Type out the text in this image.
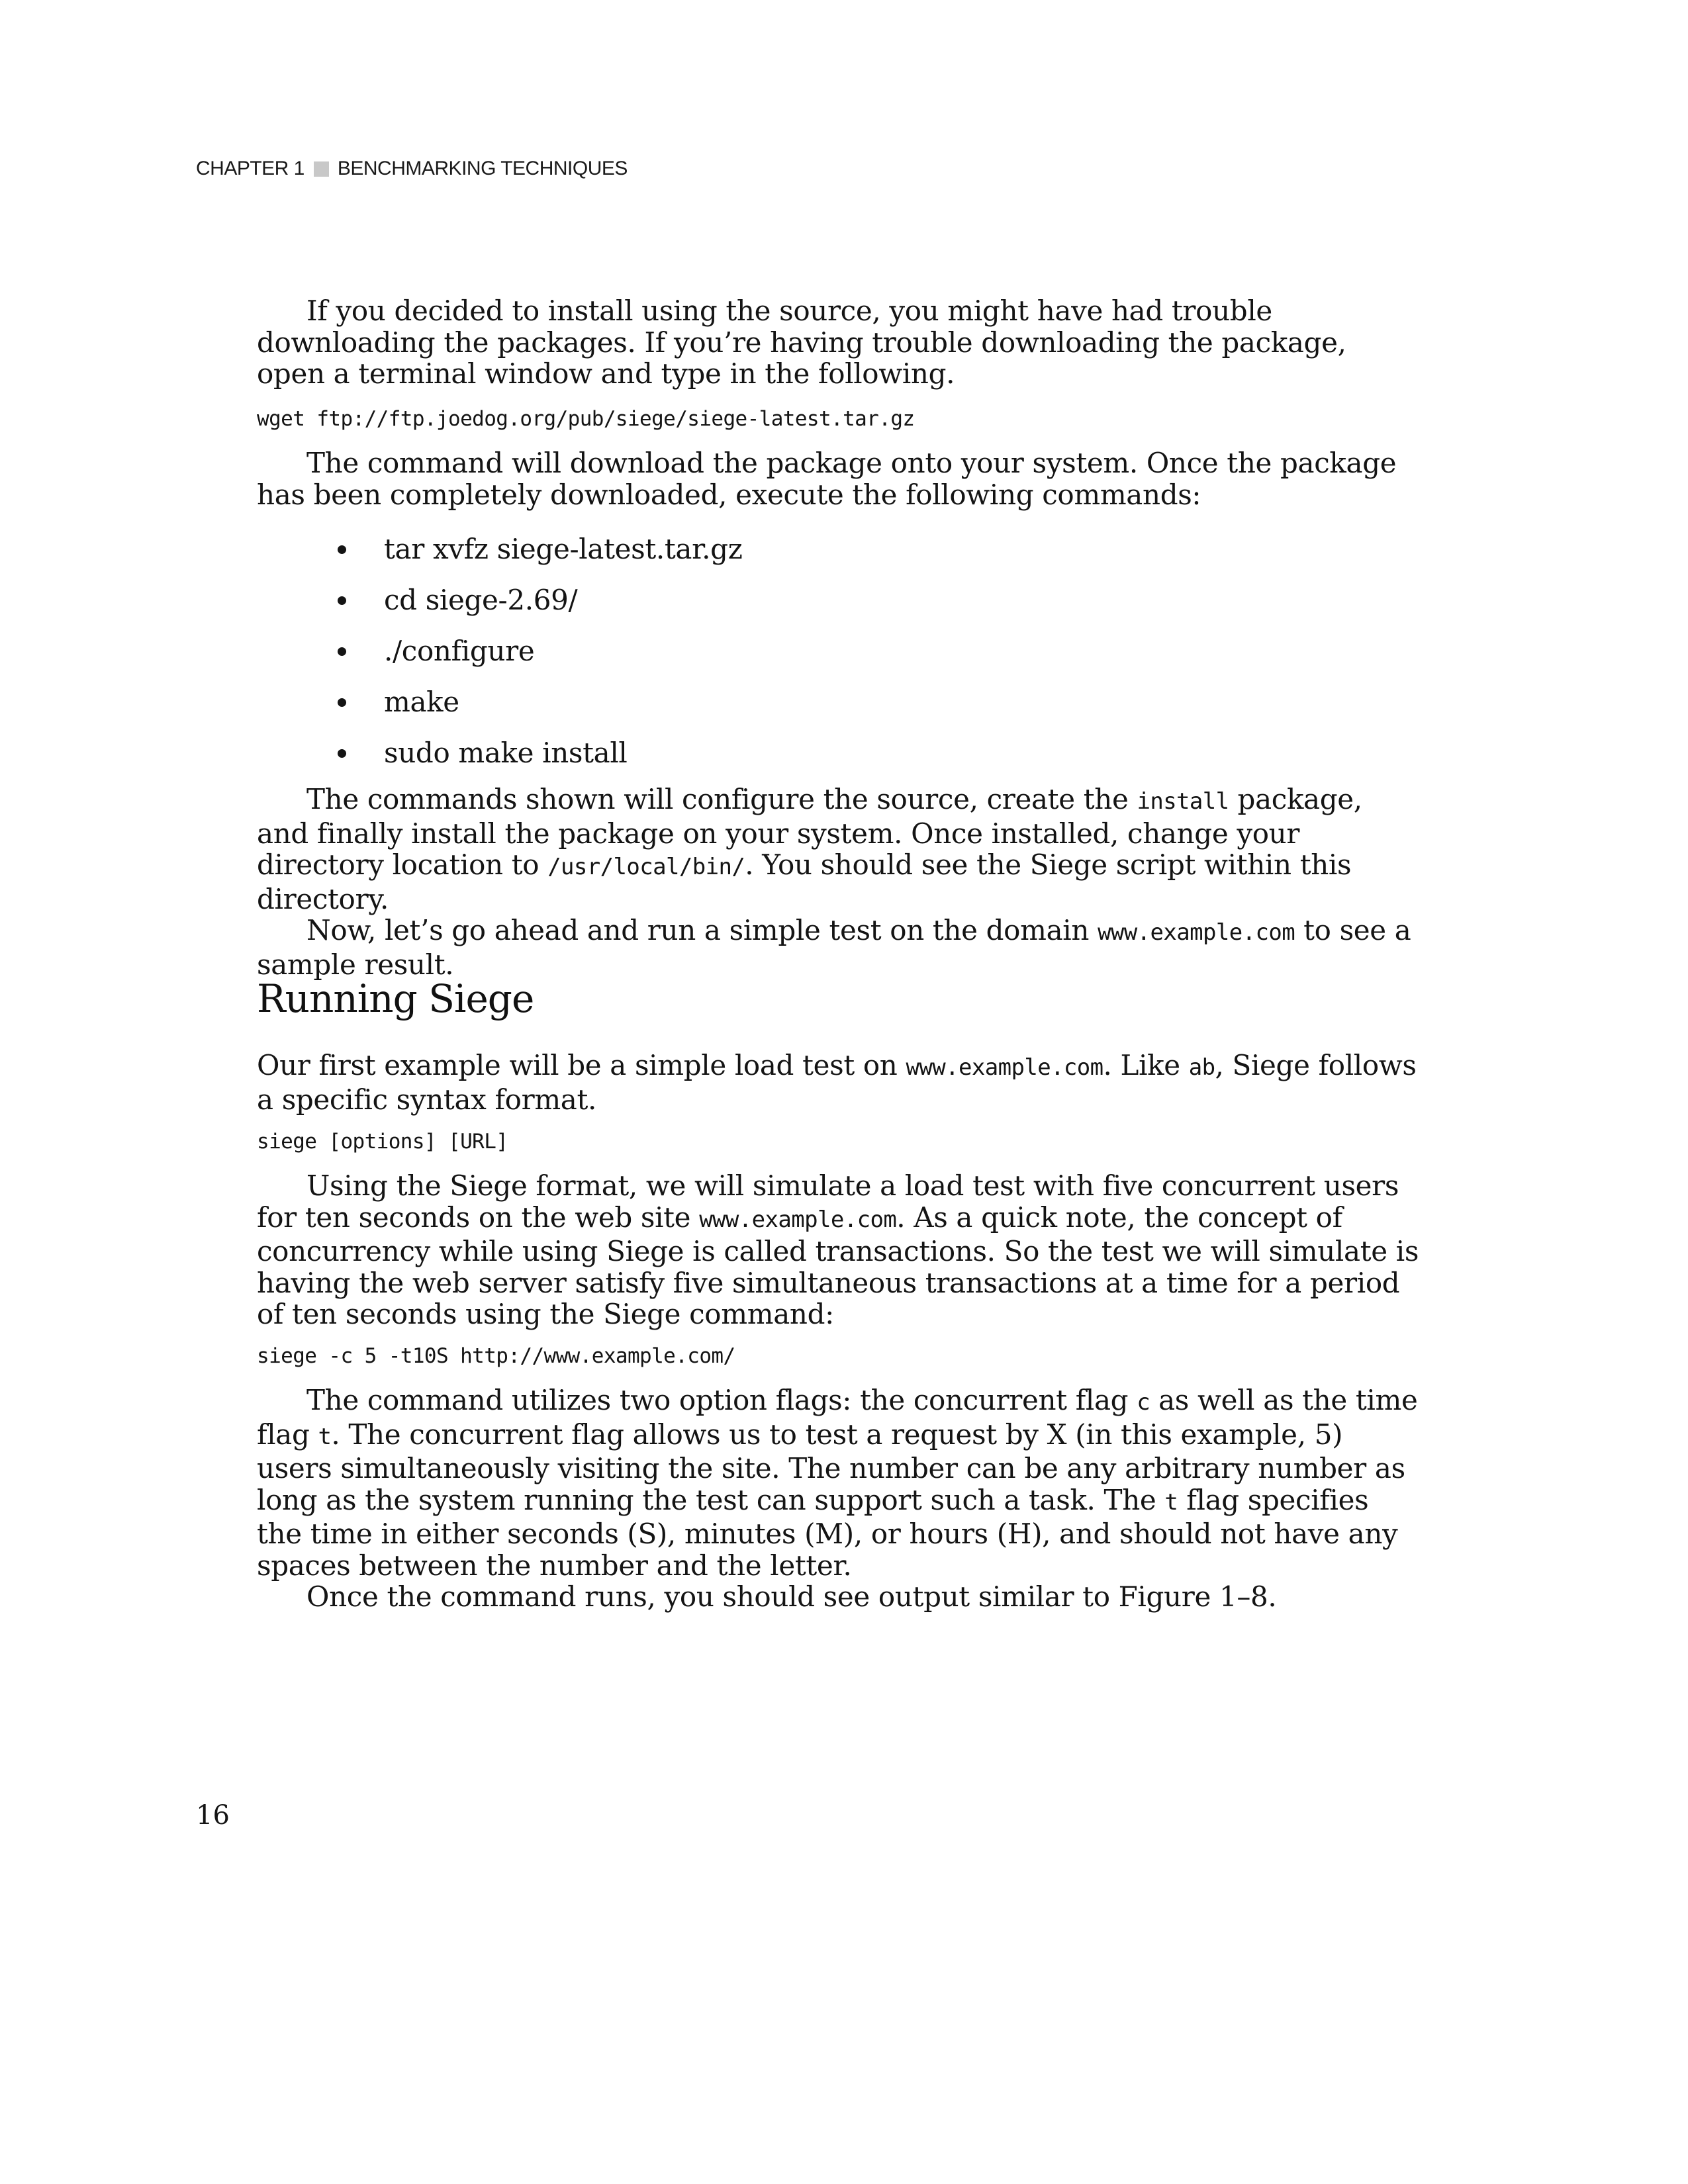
CHAPTER 1 BENCHMARKING TECHNIQUES

If you decided to install using the source, you might have had trouble downloading the packages. If you’re having trouble downloading the package, open a terminal window and type in the following.

wget ftp://ftp.joedog.org/pub/siege/siege-latest.tar.gz

The command will download the package onto your system. Once the package has been completely downloaded, execute the following commands:

tar xvfz siege-latest.tar.gz
cd siege-2.69/
./configure
make
sudo make install

The commands shown will configure the source, create the install package, and finally install the package on your system. Once installed, change your directory location to /usr/local/bin/. You should see the Siege script within this directory.

Now, let’s go ahead and run a simple test on the domain www.example.com to see a sample result.

Running Siege

Our first example will be a simple load test on www.example.com. Like ab, Siege follows a specific syntax format.

siege [options] [URL]

Using the Siege format, we will simulate a load test with five concurrent users for ten seconds on the web site www.example.com. As a quick note, the concept of concurrency while using Siege is called transactions. So the test we will simulate is having the web server satisfy five simultaneous transactions at a time for a period of ten seconds using the Siege command:

siege -c 5 -t10S http://www.example.com/

The command utilizes two option flags: the concurrent flag c as well as the time flag t. The concurrent flag allows us to test a request by X (in this example, 5) users simultaneously visiting the site. The number can be any arbitrary number as long as the system running the test can support such a task. The t flag specifies the time in either seconds (S), minutes (M), or hours (H), and should not have any spaces between the number and the letter.

Once the command runs, you should see output similar to Figure 1–8.

16
